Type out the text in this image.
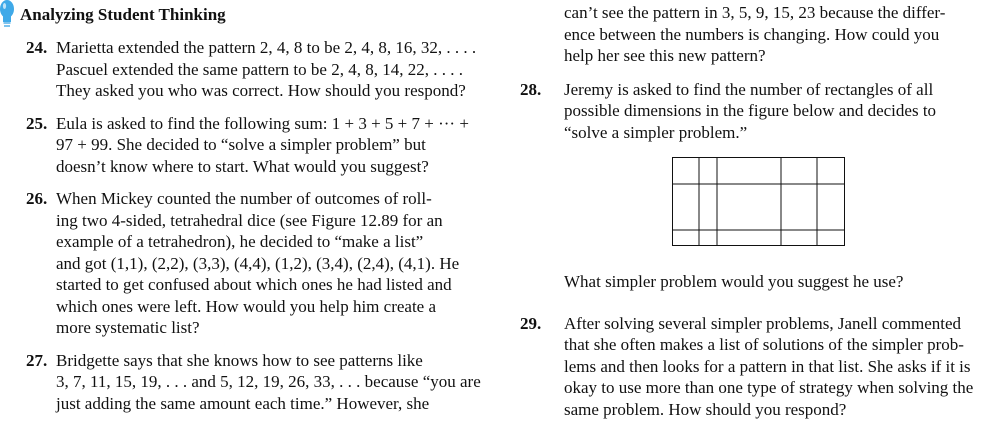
Analyzing Student Thinking
24. Marietta extended the pattern 2, 4, 8 to be 2, 4, 8, 16, 32, . . . .
Pascuel extended the same pattern to be 2, 4, 8, 14, 22, . . . .
They asked you who was correct. How should you respond?
25. Eula is asked to find the following sum: 1 + 3 + 5 + 7 + ··· +
97 + 99. She decided to “solve a simpler problem” but
doesn’t know where to start. What would you suggest?
26. When Mickey counted the number of outcomes of roll-
ing two 4-sided, tetrahedral dice (see Figure 12.89 for an
example of a tetrahedron), he decided to “make a list”
and got (1,1), (2,2), (3,3), (4,4), (1,2), (3,4), (2,4), (4,1). He
started to get confused about which ones he had listed and
which ones were left. How would you help him create a
more systematic list?
27. Bridgette says that she knows how to see patterns like
3, 7, 11, 15, 19, . . . and 5, 12, 19, 26, 33, . . . because “you are
just adding the same amount each time.” However, she
can’t see the pattern in 3, 5, 9, 15, 23 because the differ-
ence between the numbers is changing. How could you
help her see this new pattern?
28. Jeremy is asked to find the number of rectangles of all
possible dimensions in the figure below and decides to
“solve a simpler problem.”
What simpler problem would you suggest he use?
29. After solving several simpler problems, Janell commented
that she often makes a list of solutions of the simpler prob-
lems and then looks for a pattern in that list. She asks if it is
okay to use more than one type of strategy when solving the
same problem. How should you respond?
